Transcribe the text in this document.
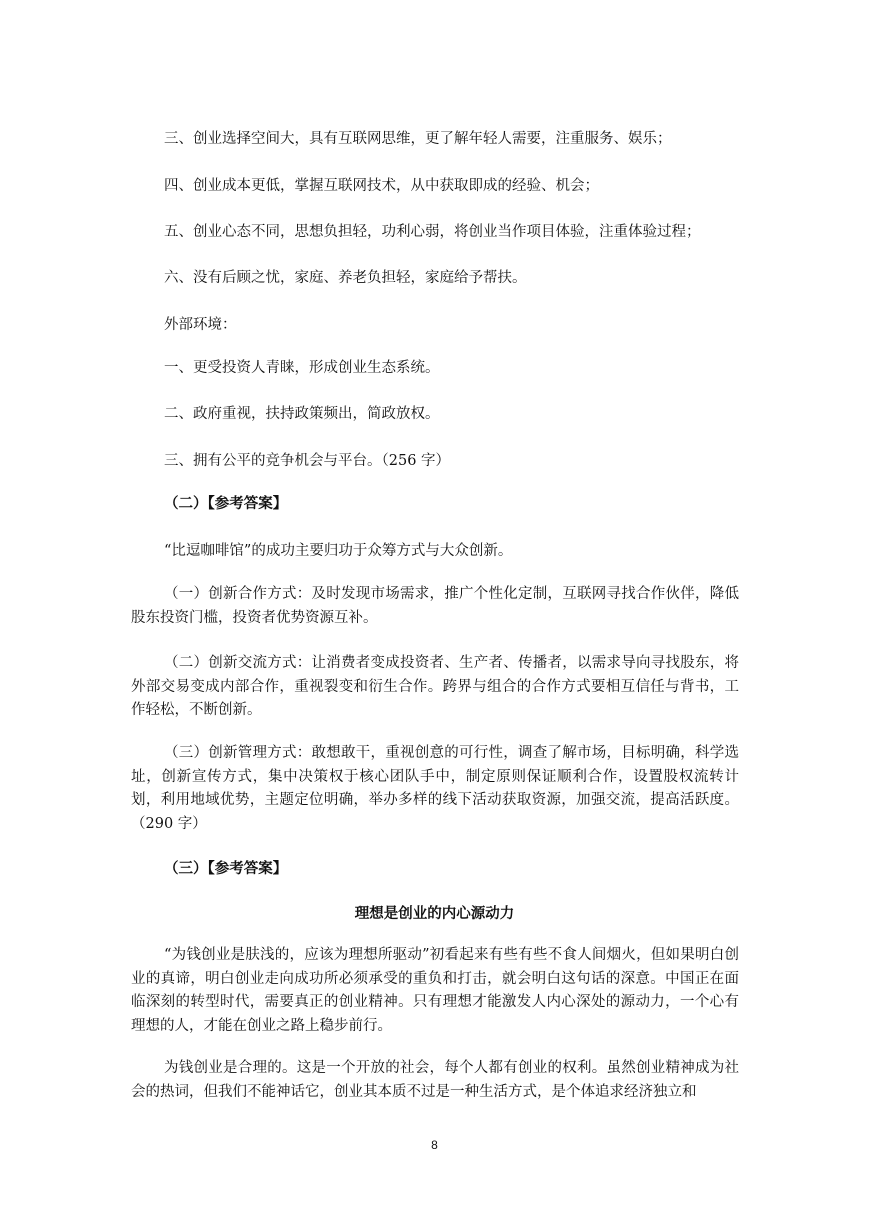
三、创业选择空间大，具有互联网思维，更了解年轻人需要，注重服务、娱乐；
四、创业成本更低，掌握互联网技术，从中获取即成的经验、机会；
五、创业心态不同，思想负担轻，功利心弱，将创业当作项目体验，注重体验过程；
六、没有后顾之忧，家庭、养老负担轻，家庭给予帮扶。
外部环境：
一、更受投资人青睐，形成创业生态系统。
二、政府重视，扶持政策频出，简政放权。
三、拥有公平的竞争机会与平台。（256 字）
（二）【参考答案】
“比逗咖啡馆”的成功主要归功于众筹方式与大众创新。
（一）创新合作方式：及时发现市场需求，推广个性化定制，互联网寻找合作伙伴，降低股东投资门槛，投资者优势资源互补。
（二）创新交流方式：让消费者变成投资者、生产者、传播者，以需求导向寻找股东，将外部交易变成内部合作，重视裂变和衍生合作。跨界与组合的合作方式要相互信任与背书，工作轻松，不断创新。
（三）创新管理方式：敢想敢干，重视创意的可行性，调查了解市场，目标明确，科学选址，创新宣传方式，集中决策权于核心团队手中，制定原则保证顺利合作，设置股权流转计划，利用地域优势，主题定位明确，举办多样的线下活动获取资源，加强交流，提高活跃度。（290 字）
（三）【参考答案】
理想是创业的内心源动力
“为钱创业是肤浅的，应该为理想所驱动”初看起来有些有些不食人间烟火，但如果明白创业的真谛，明白创业走向成功所必须承受的重负和打击，就会明白这句话的深意。中国正在面临深刻的转型时代，需要真正的创业精神。只有理想才能激发人内心深处的源动力，一个心有理想的人，才能在创业之路上稳步前行。
为钱创业是合理的。这是一个开放的社会，每个人都有创业的权利。虽然创业精神成为社会的热词，但我们不能神话它，创业其本质不过是一种生活方式，是个体追求经济独立和
8
